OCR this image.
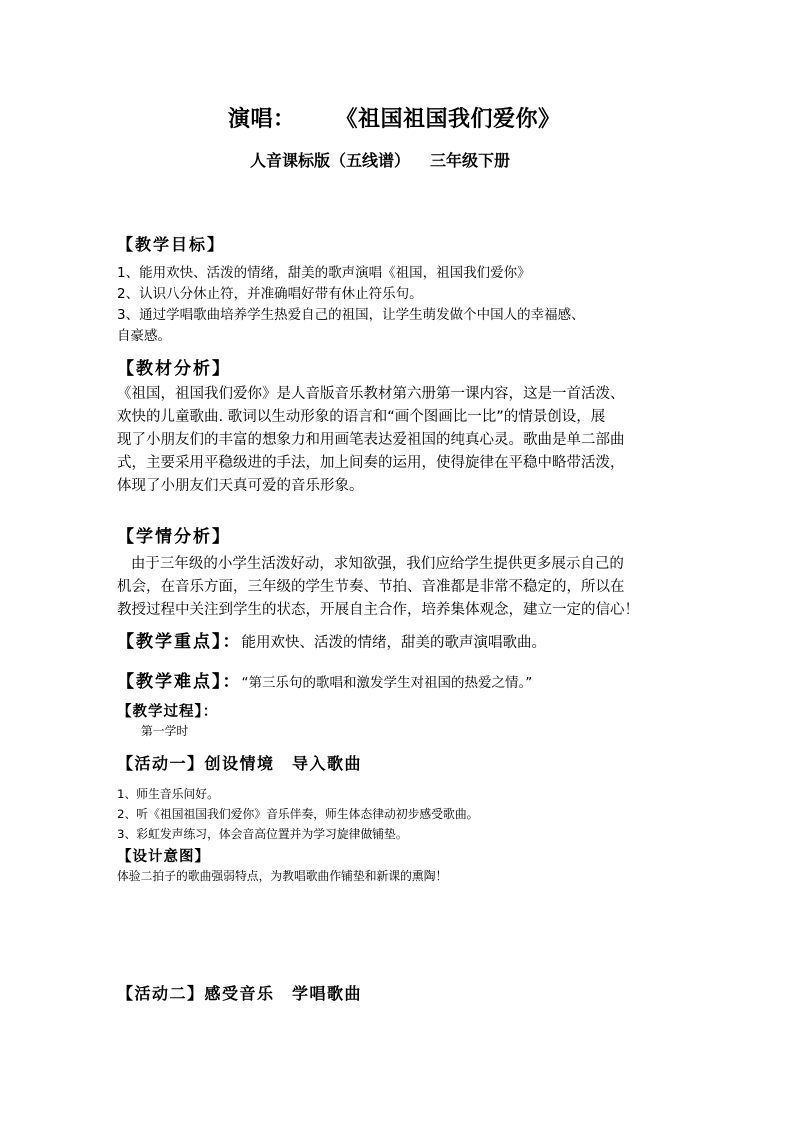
演唱： 《祖国祖国我们爱你》
人音课标版（五线谱） 三年级下册
【教学目标】
1、能用欢快、活泼的情绪，甜美的歌声演唱《祖国，祖国我们爱你》
2、认识八分休止符，并准确唱好带有休止符乐句。
3、通过学唱歌曲培养学生热爱自己的祖国，让学生萌发做个中国人的幸福感、
自豪感。
【教材分析】
《祖国，祖国我们爱你》是人音版音乐教材第六册第一课内容，这是一首活泼、
欢快的儿童歌曲. 歌词以生动形象的语言和“画个图画比一比”的情景创设，展
现了小朋友们的丰富的想象力和用画笔表达爱祖国的纯真心灵。歌曲是单二部曲
式，主要采用平稳级进的手法，加上间奏的运用，使得旋律在平稳中略带活泼，
体现了小朋友们天真可爱的音乐形象。
【学情分析】
由于三年级的小学生活泼好动，求知欲强，我们应给学生提供更多展示自己的
机会，在音乐方面，三年级的学生节奏、节拍、音准都是非常不稳定的，所以在
教授过程中关注到学生的状态，开展自主合作，培养集体观念，建立一定的信心！
【教学重点】：能用欢快、活泼的情绪，甜美的歌声演唱歌曲。
【教学难点】：“第三乐句的歌唱和激发学生对祖国的热爱之情。”
【教学过程】：
第一学时
【活动一】创设情境　导入歌曲
1、师生音乐问好。
2、听《祖国祖国我们爱你》音乐伴奏，师生体态律动初步感受歌曲。
3、彩虹发声练习，体会音高位置并为学习旋律做铺垫。
【设计意图】
体验二拍子的歌曲强弱特点，为教唱歌曲作铺垫和新课的熏陶！
【活动二】感受音乐　学唱歌曲
